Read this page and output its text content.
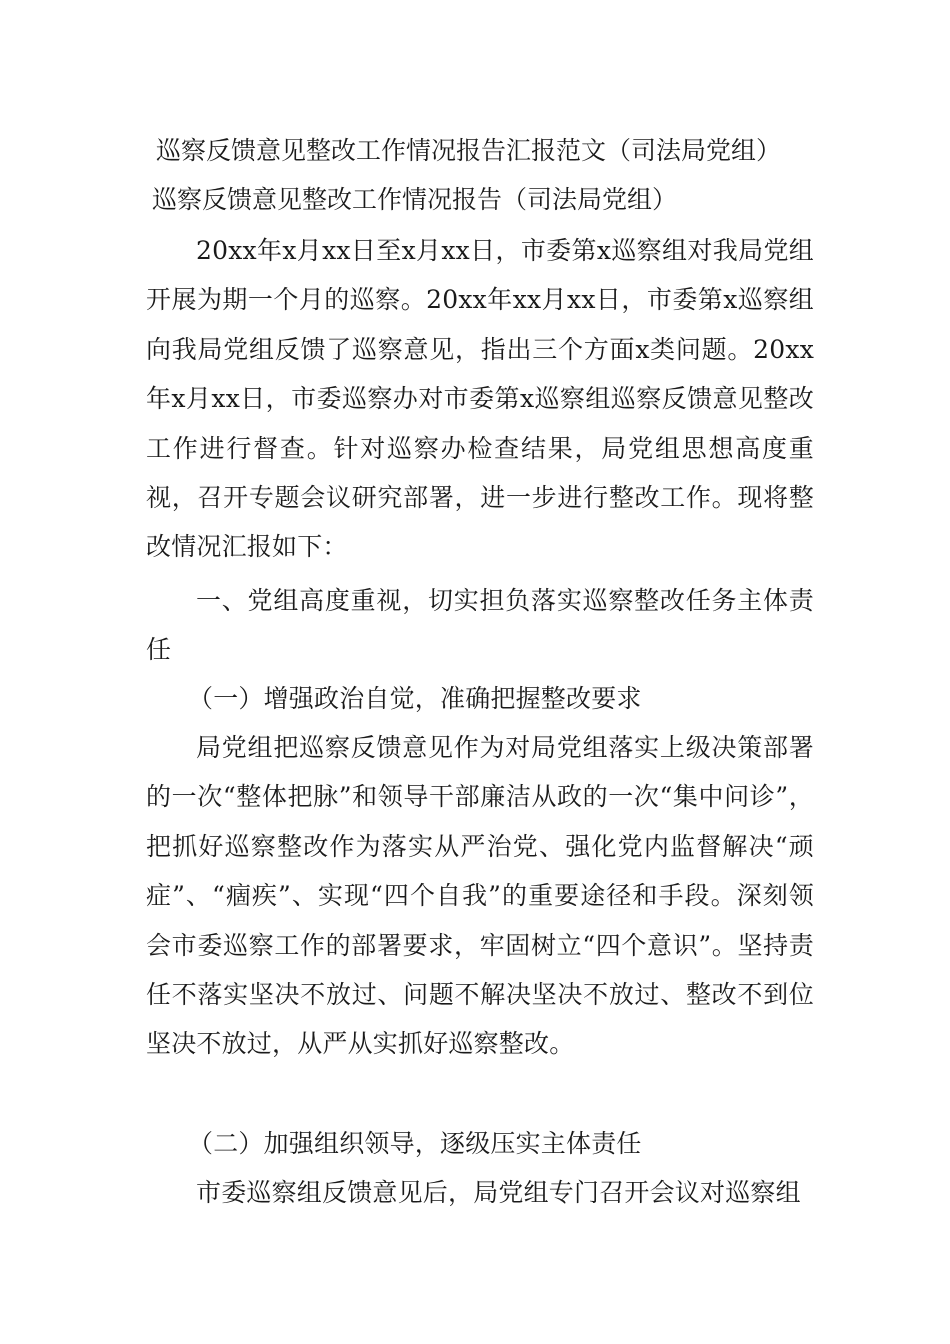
巡察反馈意见整改工作情况报告汇报范文（司法局党组）
巡察反馈意见整改工作情况报告（司法局党组）

20xx年x月xx日至x月xx日，市委第x巡察组对我局党组开展为期一个月的巡察。20xx年xx月xx日，市委第x巡察组向我局党组反馈了巡察意见，指出三个方面x类问题。20xx年x月xx日，市委巡察办对市委第x巡察组巡察反馈意见整改工作进行督查。针对巡察办检查结果，局党组思想高度重视，召开专题会议研究部署，进一步进行整改工作。现将整改情况汇报如下：

一、党组高度重视，切实担负落实巡察整改任务主体责任

（一）增强政治自觉，准确把握整改要求

局党组把巡察反馈意见作为对局党组落实上级决策部署的一次“整体把脉”和领导干部廉洁从政的一次“集中问诊”，把抓好巡察整改作为落实从严治党、强化党内监督解决“顽症”、“痼疾”、实现“四个自我”的重要途径和手段。深刻领会市委巡察工作的部署要求，牢固树立“四个意识”。坚持责任不落实坚决不放过、问题不解决坚决不放过、整改不到位坚决不放过，从严从实抓好巡察整改。

（二）加强组织领导，逐级压实主体责任

市委巡察组反馈意见后，局党组专门召开会议对巡察组
